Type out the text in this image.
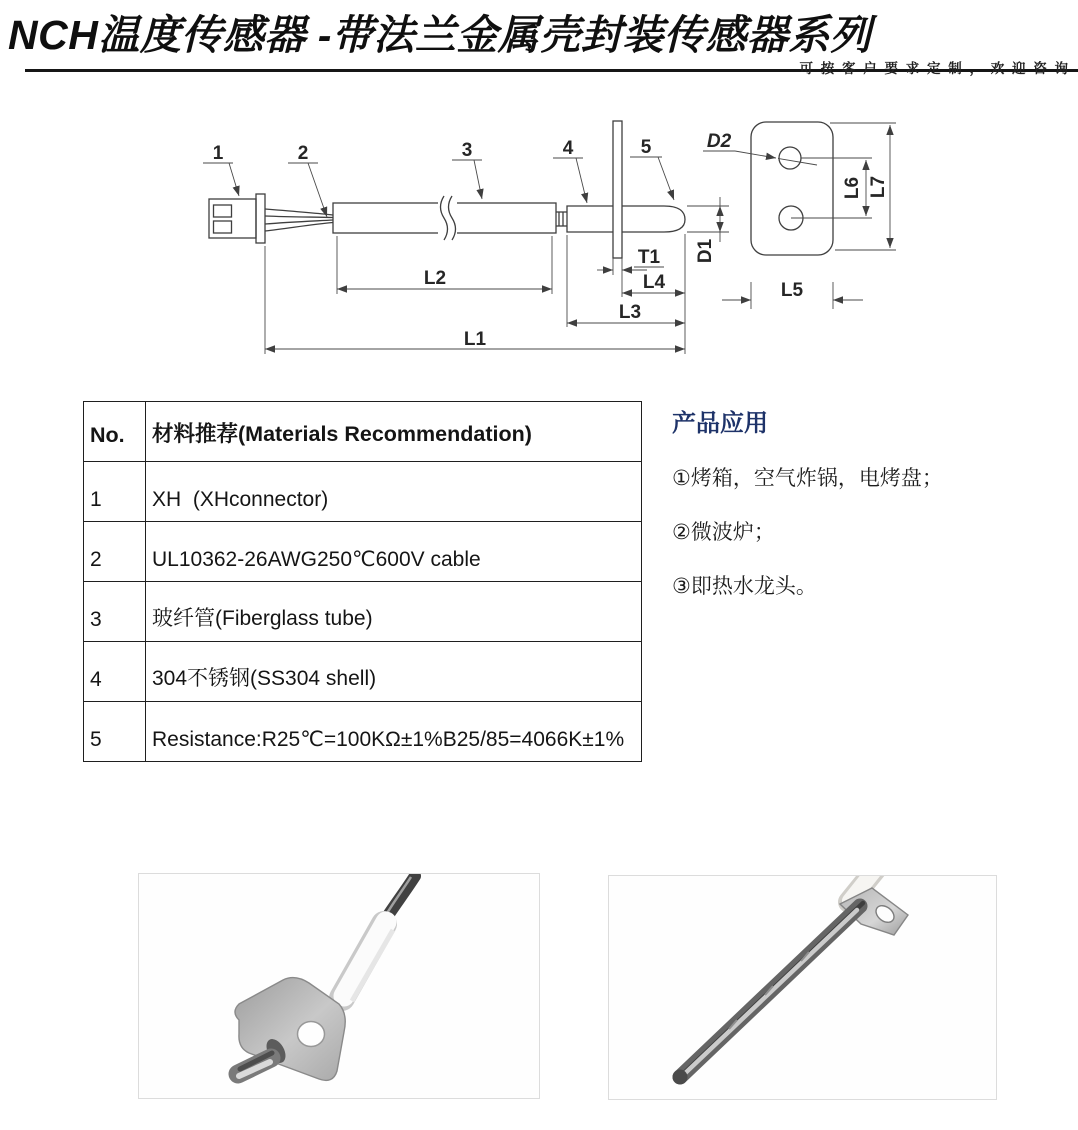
NCH温度传感器 -带法兰金属壳封装传感器系列
可 按 客 户 要 求 定 制 ， 欢 迎 咨 询
1	2	3	4	5	D2
T1
L2	L4
L3
L1
L5
D1
L6 L7
No.	材料推荐(Materials Recommendation)
1	XH  (XHconnector)
2	UL10362-26AWG250℃600V cable
3	玻纤管(Fiberglass tube)
4	304不锈钢(SS304 shell)
5	Resistance:R25℃=100KΩ±1%B25/85=4066K±1%
产品应用
①烤箱，空气炸锅，电烤盘；
②微波炉；
③即热水龙头。
